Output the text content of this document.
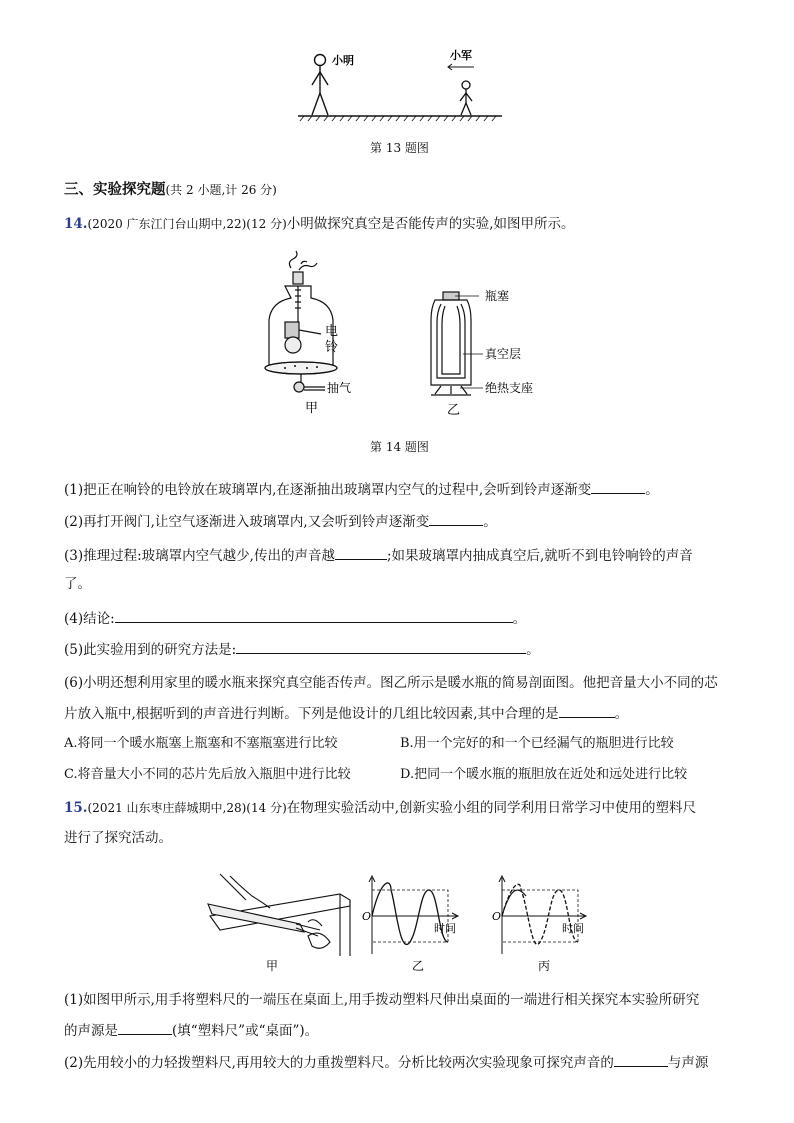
小明	小军
第 13 题图
三、实验探究题(共 2 小题,计 26 分)
14.(2020 广东江门台山期中,22)(12 分)小明做探究真空是否能传声的实验,如图甲所示。
电
铃
抽气
甲
瓶塞
真空层
绝热支座
乙
第 14 题图
(1)把正在响铃的电铃放在玻璃罩内,在逐渐抽出玻璃罩内空气的过程中,会听到铃声逐渐变	。
(2)再打开阀门,让空气逐渐进入玻璃罩内,又会听到铃声逐渐变	。
(3)推理过程:玻璃罩内空气越少,传出的声音越	;如果玻璃罩内抽成真空后,就听不到电铃响铃的声音
了。
(4)结论:	。
(5)此实验用到的研究方法是:	。
(6)小明还想利用家里的暖水瓶来探究真空能否传声。图乙所示是暖水瓶的简易剖面图。他把音量大小不同的芯
片放入瓶中,根据听到的声音进行判断。下列是他设计的几组比较因素,其中合理的是	。
A.将同一个暖水瓶塞上瓶塞和不塞瓶塞进行比较	B.用一个完好的和一个已经漏气的瓶胆进行比较
C.将音量大小不同的芯片先后放入瓶胆中进行比较	D.把同一个暖水瓶的瓶胆放在近处和远处进行比较
15.(2021 山东枣庄薛城期中,28)(14 分)在物理实验活动中,创新实验小组的同学利用日常学习中使用的塑料尺
进行了探究活动。
甲
O
时间
乙
O
时间
丙
(1)如图甲所示,用手将塑料尺的一端压在桌面上,用手拨动塑料尺伸出桌面的一端进行相关探究本实验所研究
的声源是	(填“塑料尺”或“桌面”)。
(2)先用较小的力轻拨塑料尺,再用较大的力重拨塑料尺。分析比较两次实验现象可探究声音的	与声源
